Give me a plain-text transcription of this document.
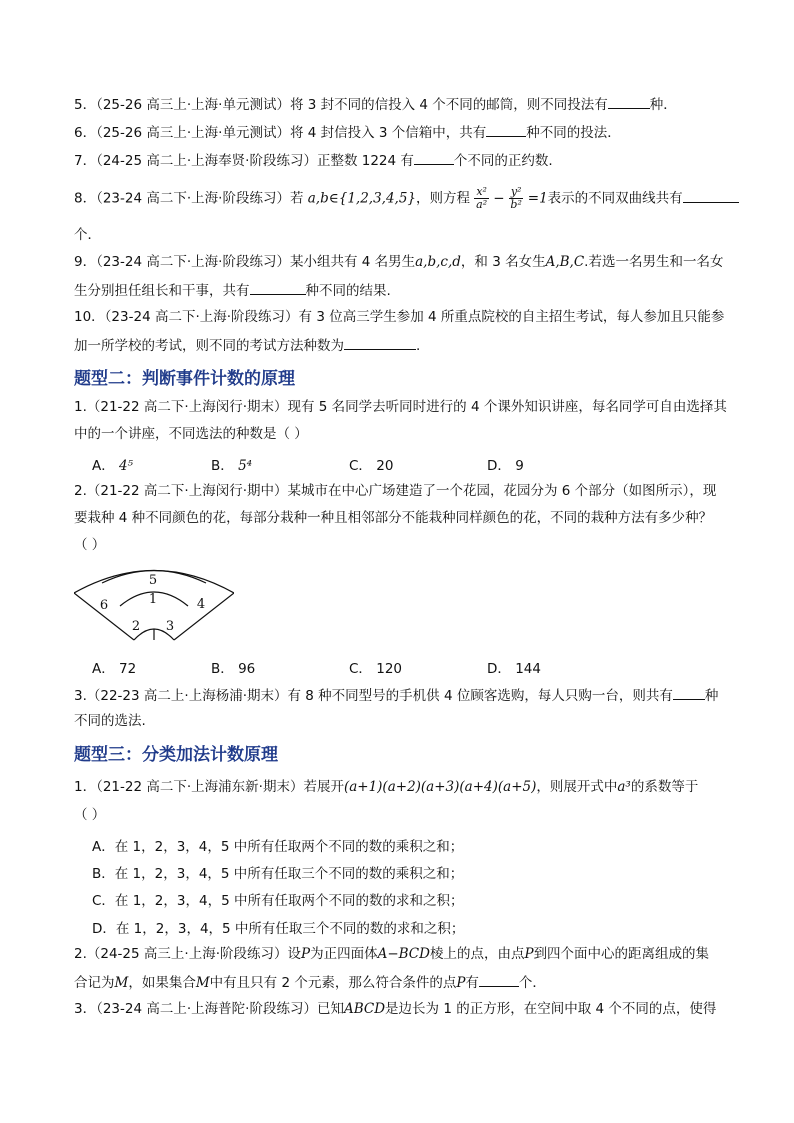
5．（25-26 高三上·上海·单元测试）将 3 封不同的信投入 4 个不同的邮筒，则不同投法有	种．
6．（25-26 高三上·上海·单元测试）将 4 封信投入 3 个信箱中，共有	种不同的投法．
7．（24-25 高二上·上海奉贤·阶段练习）正整数 1224 有	个不同的正约数.
8．（23-24 高二下·上海·阶段练习）若 a,b∈{1,2,3,4,5}，则方程 $\frac{\text{x²}}{\text{a²}} - \frac{\text{y²}}{\text{b²}} =1$表示的不同双曲线共有
个．
9．（23-24 高二下·上海·阶段练习）某小组共有 4 名男生a,b,c,d，和 3 名女生A,B,C.若选一名男生和一名女
生分别担任组长和干事，共有	种不同的结果.
10．（23-24 高二下·上海·阶段练习）有 3 位高三学生参加 4 所重点院校的自主招生考试，每人参加且只能参
加一所学校的考试，则不同的考试方法种数为	.
题型二：判断事件计数的原理
1.（21-22 高二下·上海闵行·期末）现有 5 名同学去听同时进行的 4 个课外知识讲座，每名同学可自由选择其
中的一个讲座，不同选法的种数是（ ）
A． 4⁵	B． 5⁴	C． 20	D． 9
2.（21-22 高二下·上海闵行·期中）某城市在中心广场建造了一个花园，花园分为 6 个部分（如图所示），现
要栽种 4 种不同颜色的花，每部分栽种一种且相邻部分不能栽种同样颜色的花，不同的栽种方法有多少种？
（ ）
5
6	1	4
2 3
A． 72	B． 96	C． 120	D． 144
3.（22-23 高二上·上海杨浦·期末）有 8 种不同型号的手机供 4 位顾客选购，每人只购一台，则共有 种
不同的选法.
题型三：分类加法计数原理
1．（21-22 高二下·上海浦东新·期末）若展开(a+1)(a+2)(a+3)(a+4)(a+5)，则展开式中a³的系数等于
（ ）
A．在 1，2，3，4，5 中所有任取两个不同的数的乘积之和；
B．在 1，2，3，4，5 中所有任取三个不同的数的乘积之和；
C．在 1，2，3，4，5 中所有任取两个不同的数的求和之积；
D．在 1，2，3，4，5 中所有任取三个不同的数的求和之积；
2.（24-25 高三上·上海·阶段练习）设P为正四面体A−BCD棱上的点，由点P到四个面中心的距离组成的集
合记为M，如果集合M中有且只有 2 个元素，那么符合条件的点P有	个．
3．（23-24 高二上·上海普陀·阶段练习）已知ABCD是边长为 1 的正方形，在空间中取 4 个不同的点，使得
